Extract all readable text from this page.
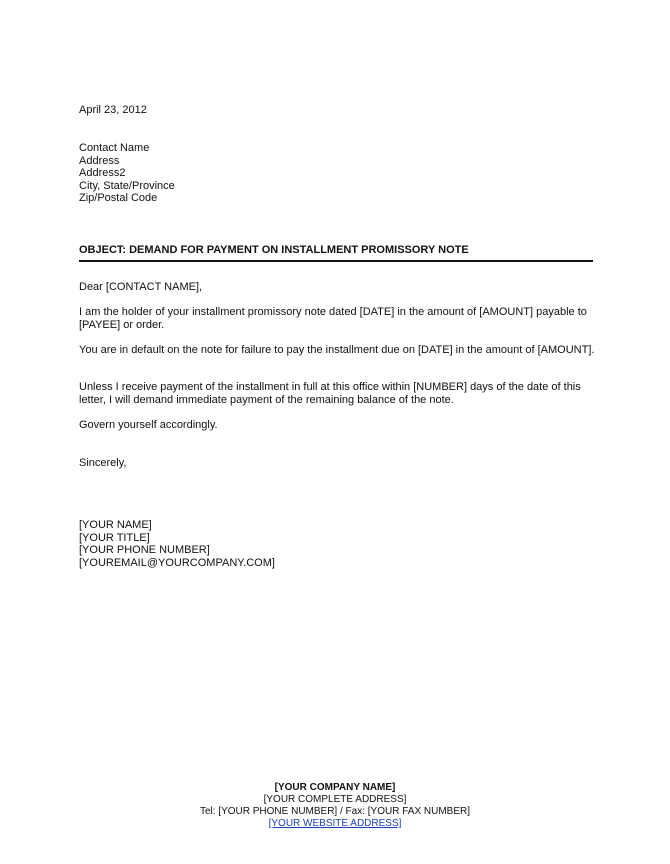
April 23, 2012

Contact Name
Address
Address2
City, State/Province
Zip/Postal Code

OBJECT: DEMAND FOR PAYMENT ON INSTALLMENT PROMISSORY NOTE

Dear [CONTACT NAME],

I am the holder of your installment promissory note dated [DATE] in the amount of [AMOUNT] payable to [PAYEE] or order.

You are in default on the note for failure to pay the installment due on [DATE] in the amount of [AMOUNT].

Unless I receive payment of the installment in full at this office within [NUMBER] days of the date of this letter, I will demand immediate payment of the remaining balance of the note.

Govern yourself accordingly.

Sincerely,

[YOUR NAME]
[YOUR TITLE]
[YOUR PHONE NUMBER]
[YOUREMAIL@YOURCOMPANY.COM]
[YOUR COMPANY NAME]
[YOUR COMPLETE ADDRESS]
Tel: [YOUR PHONE NUMBER] / Fax: [YOUR FAX NUMBER]
[YOUR WEBSITE ADDRESS]
